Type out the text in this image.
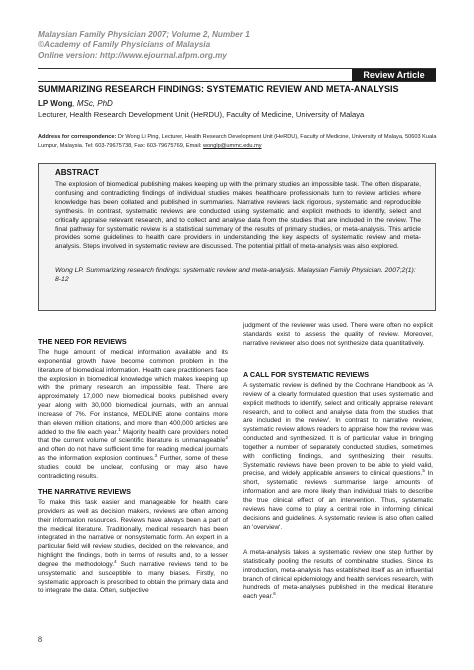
Malaysian Family Physician 2007; Volume 2, Number 1
©Academy of Family Physicians of Malaysia
Online version: http://www.ejournal.afpm.org.my
Review Article
SUMMARIZING RESEARCH FINDINGS: SYSTEMATIC REVIEW AND META-ANALYSIS
LP Wong, MSc, PhD
Lecturer, Health Research Development Unit (HeRDU), Faculty of Medicine, University of Malaya
Address for correspondence: Dr Wong Li Ping, Lecturer, Health Research Development Unit (HeRDU), Faculty of Medicine, University of Malaya, 50603 Kuala Lumpur, Malaysia. Tel: 603-79675738, Fax: 603-79675769, Email: wonglp@ummc.edu.my
ABSTRACT
The explosion of biomedical publishing makes keeping up with the primary studies an impossible task. The often disparate, confusing and contradicting findings of individual studies makes healthcare professionals turn to review articles where knowledge has been collated and published in summaries. Narrative reviews lack rigorous, systematic and reproducible synthesis. In contrast, systematic reviews are conducted using systematic and explicit methods to identify, select and critically appraise relevant research, and to collect and analyse data from the studies that are included in the review. The final pathway for systematic review is a statistical summary of the results of primary studies, or meta-analysis. This article provides some guidelines to health care providers in understanding the key aspects of systematic review and meta-analysis. Steps involved in systematic review are discussed. The potential pitfall of meta-analysis was also explored.
Wong LP. Summarizing research findings: systematic review and meta-analysis. Malaysian Family Physician. 2007;2(1): 8-12
THE NEED FOR REVIEWS

The huge amount of medical information available and its exponential growth have become common problem in the literature of biomedical information. Health care practitioners face the explosion in biomedical knowledge which makes keeping up with the primary research an impossible feat. There are approximately 17,000 new biomedical books published every year along with 30,000 biomedical journals, with an annual increase of 7%. For instance, MEDLINE alone contains more than eleven million citations, and more than 400,000 articles are added to the file each year.$^1$ Majority health care providers noted that the current volume of scientific literature is unmanageable$^2$ and often do not have sufficient time for reading medical journals as the information explosion continues.$^3$ Further, some of these studies could be unclear, confusing or may also have contradicting results.

THE NARRATIVE REVIEWS

To make this task easier and manageable for health care providers as well as decision makers, reviews are often among their information resources. Reviews have always been a part of the medical literature. Traditionally, medical research has been integrated in the narrative or nonsystematic form. An expert in a particular field will review studies, decided on the relevance, and highlight the findings, both in terms of results and, to a lesser degree the methodology.$^4$ Such narrative reviews tend to be unsystematic and susceptible to many biases. Firstly, no systematic approach is prescribed to obtain the primary data and to integrate the data. Often, subjective

judgment of the reviewer was used. There were often no explicit standards exist to assess the quality of review. Moreover, narrative reviewer also does not synthesize data quantitatively.

A CALL FOR SYSTEMATIC REVIEWS

A systematic review is defined by the Cochrane Handbook as 'A review of a clearly formulated question that uses systematic and explicit methods to identify, select and critically appraise relevant research, and to collect and analyse data from the studies that are included in the review'. In contrast to narrative review, systematic review allows readers to appraise how the review was conducted and synthesized. It is of particular value in bringing together a number of separately conducted studies, sometimes with conflicting findings, and synthesizing their results. Systematic reviews have been proven to be able to yield valid, precise, and widely applicable answers to clinical questions.$^5$ In short, systematic reviews summarise large amounts of information and are more likely than individual trials to describe the true clinical effect of an intervention. Thus, systematic reviews have come to play a central role in informing clinical decisions and guidelines. A systematic review is also often called an 'overview'.

A meta-analysis takes a systematic review one step further by statistically pooling the results of combinable studies. Since its introduction, meta-analysis has established itself as an influential branch of clinical epidemiology and health services research, with hundreds of meta-analyses published in the medical literature each year.$^6$

8
